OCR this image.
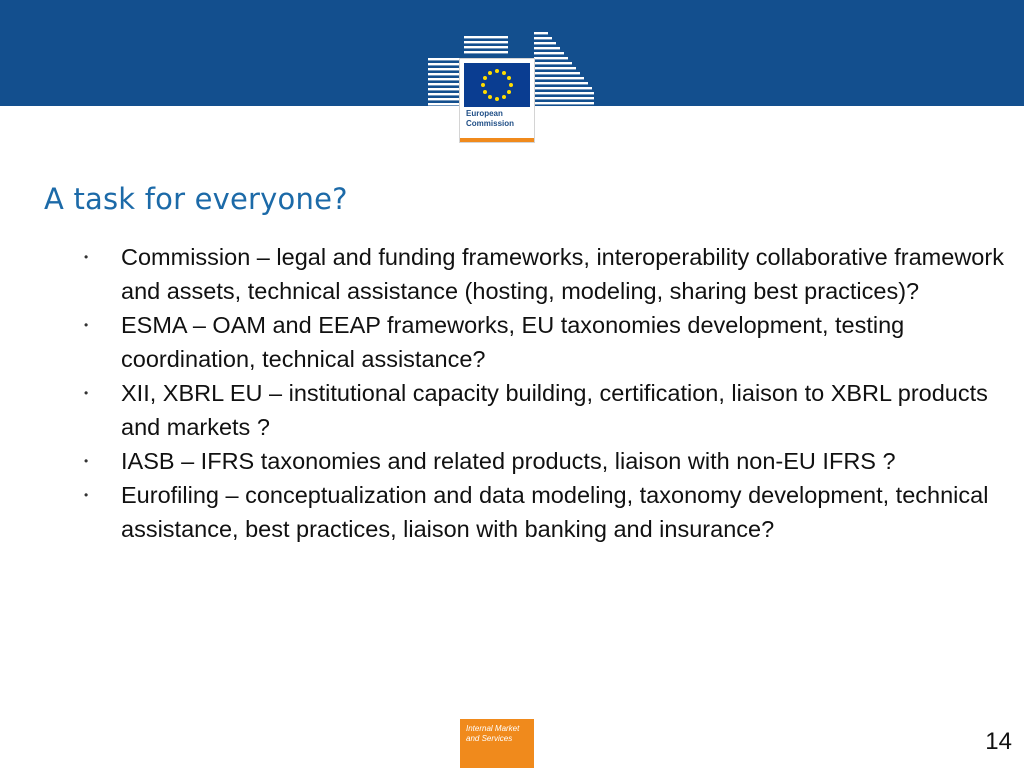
European
Commission
A task for everyone?
• Commission – legal and funding frameworks, interoperability collaborative framework and assets, technical assistance (hosting, modeling, sharing best practices)?
• ESMA – OAM and EEAP frameworks, EU taxonomies development, testing coordination, technical assistance?
• XII, XBRL EU – institutional capacity building, certification, liaison to XBRL products and markets ?
• IASB – IFRS taxonomies and related products, liaison with non-EU IFRS ?
• Eurofiling – conceptualization and data modeling, taxonomy development, technical assistance, best practices, liaison with banking and insurance?
Internal Market
and Services	14
